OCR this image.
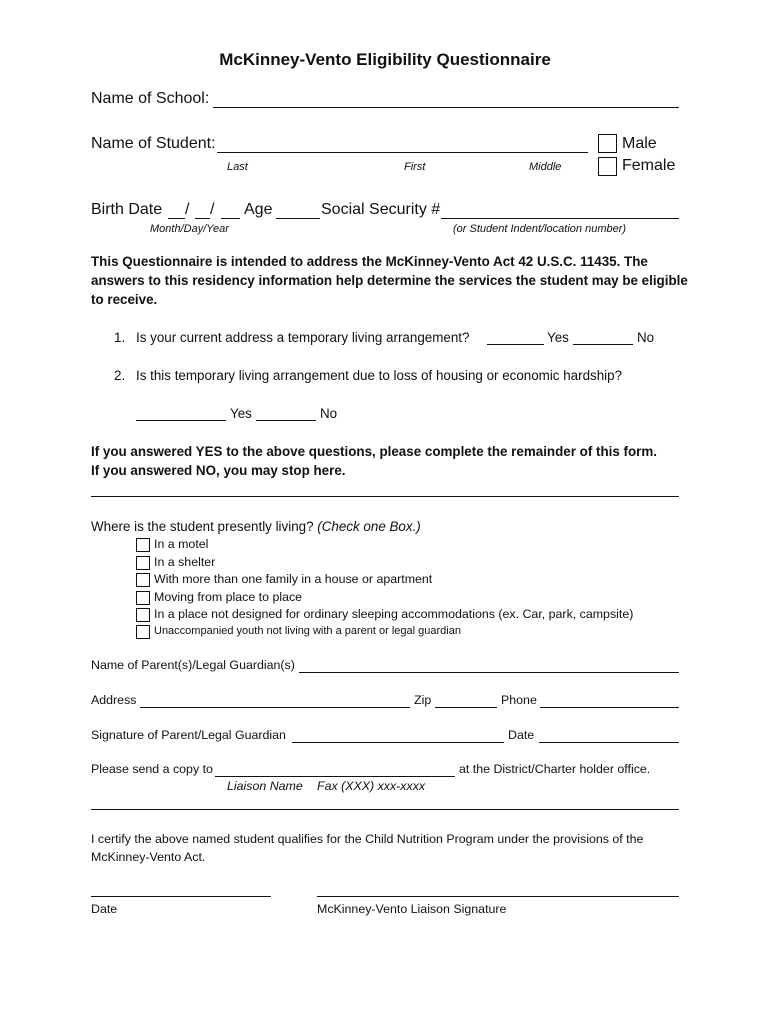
McKinney-Vento Eligibility Questionnaire
Name of School:
Name of Student:
Last	First	Middle
Male
Female
Birth Date / / Age	Social Security #
Month/Day/Year	(or Student Indent/location number)
This Questionnaire is intended to address the McKinney-Vento Act 42 U.S.C. 11435. The
answers to this residency information help determine the services the student may be eligible
to receive.
1. Is your current address a temporary living arrangement?	Yes	No
2. Is this temporary living arrangement due to loss of housing or economic hardship?
Yes	No
If you answered YES to the above questions, please complete the remainder of this form.
If you answered NO, you may stop here.
Where is the student presently living? (Check one Box.)
In a motel
In a shelter
With more than one family in a house or apartment
Moving from place to place
In a place not designed for ordinary sleeping accommodations (ex. Car, park, campsite)
Unaccompanied youth not living with a parent or legal guardian
Name of Parent(s)/Legal Guardian(s)
Address	Zip	Phone
Signature of Parent/Legal Guardian	Date
Please send a copy to	at the District/Charter holder office.
Liaison Name Fax (XXX) xxx-xxxx
I certify the above named student qualifies for the Child Nutrition Program under the provisions of the
McKinney-Vento Act.
Date	McKinney-Vento Liaison Signature
